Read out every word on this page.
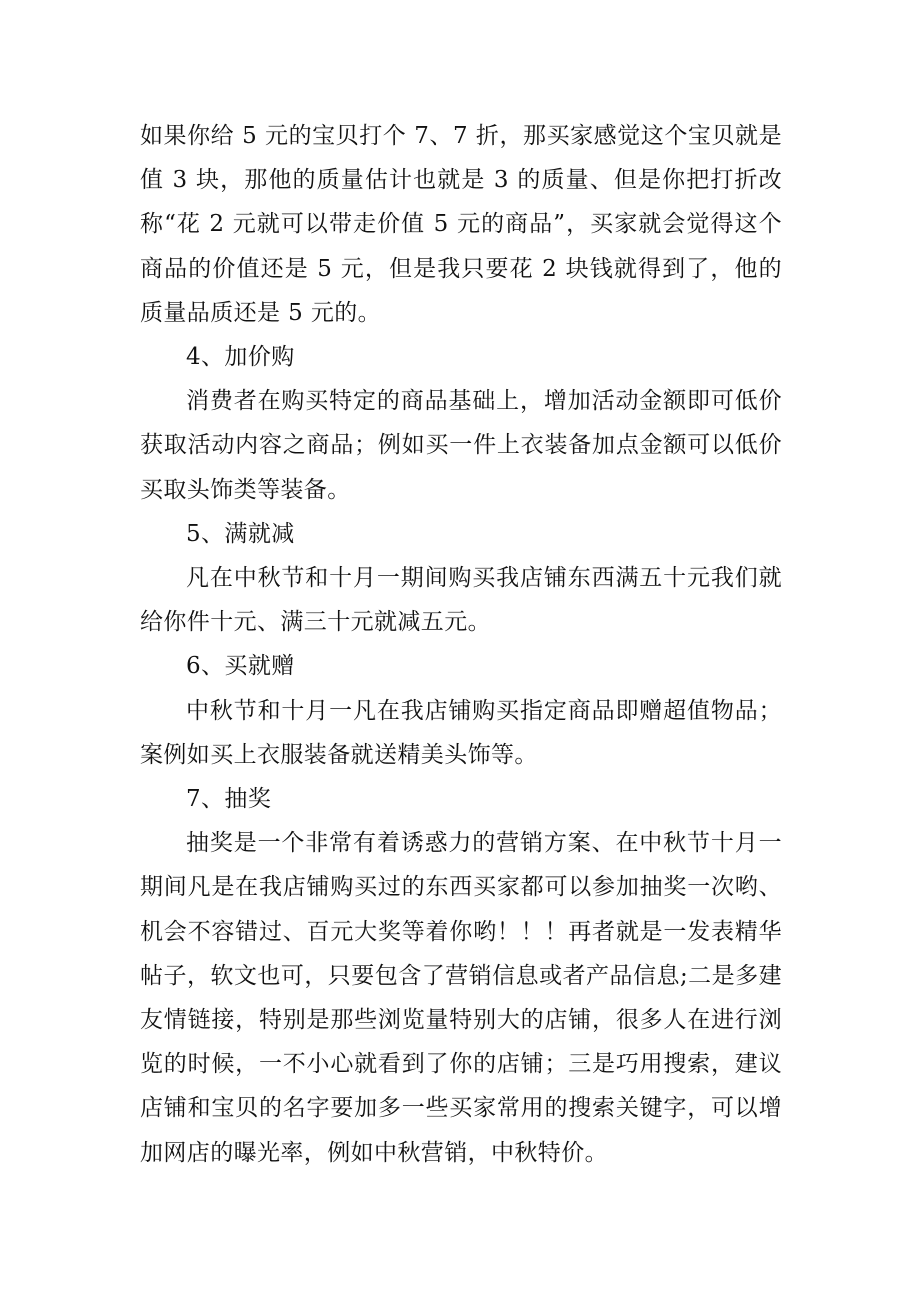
如果你给 5 元的宝贝打个 7、7 折，那买家感觉这个宝贝就是值 3 块，那他的质量估计也就是 3 的质量、但是你把打折改称“花 2 元就可以带走价值 5 元的商品”，买家就会觉得这个商品的价值还是 5 元，但是我只要花 2 块钱就得到了，他的质量品质还是 5 元的。

4、加价购

消费者在购买特定的商品基础上，增加活动金额即可低价获取活动内容之商品；例如买一件上衣装备加点金额可以低价买取头饰类等装备。

5、满就减

凡在中秋节和十月一期间购买我店铺东西满五十元我们就给你件十元、满三十元就减五元。

6、买就赠

中秋节和十月一凡在我店铺购买指定商品即赠超值物品；案例如买上衣服装备就送精美头饰等。

7、抽奖

抽奖是一个非常有着诱惑力的营销方案、在中秋节十月一期间凡是在我店铺购买过的东西买家都可以参加抽奖一次哟、机会不容错过、百元大奖等着你哟！！！再者就是一发表精华帖子，软文也可，只要包含了营销信息或者产品信息;二是多建友情链接，特别是那些浏览量特别大的店铺，很多人在进行浏览的时候，一不小心就看到了你的店铺；三是巧用搜索，建议店铺和宝贝的名字要加多一些买家常用的搜索关键字，可以增加网店的曝光率，例如中秋营销，中秋特价。
